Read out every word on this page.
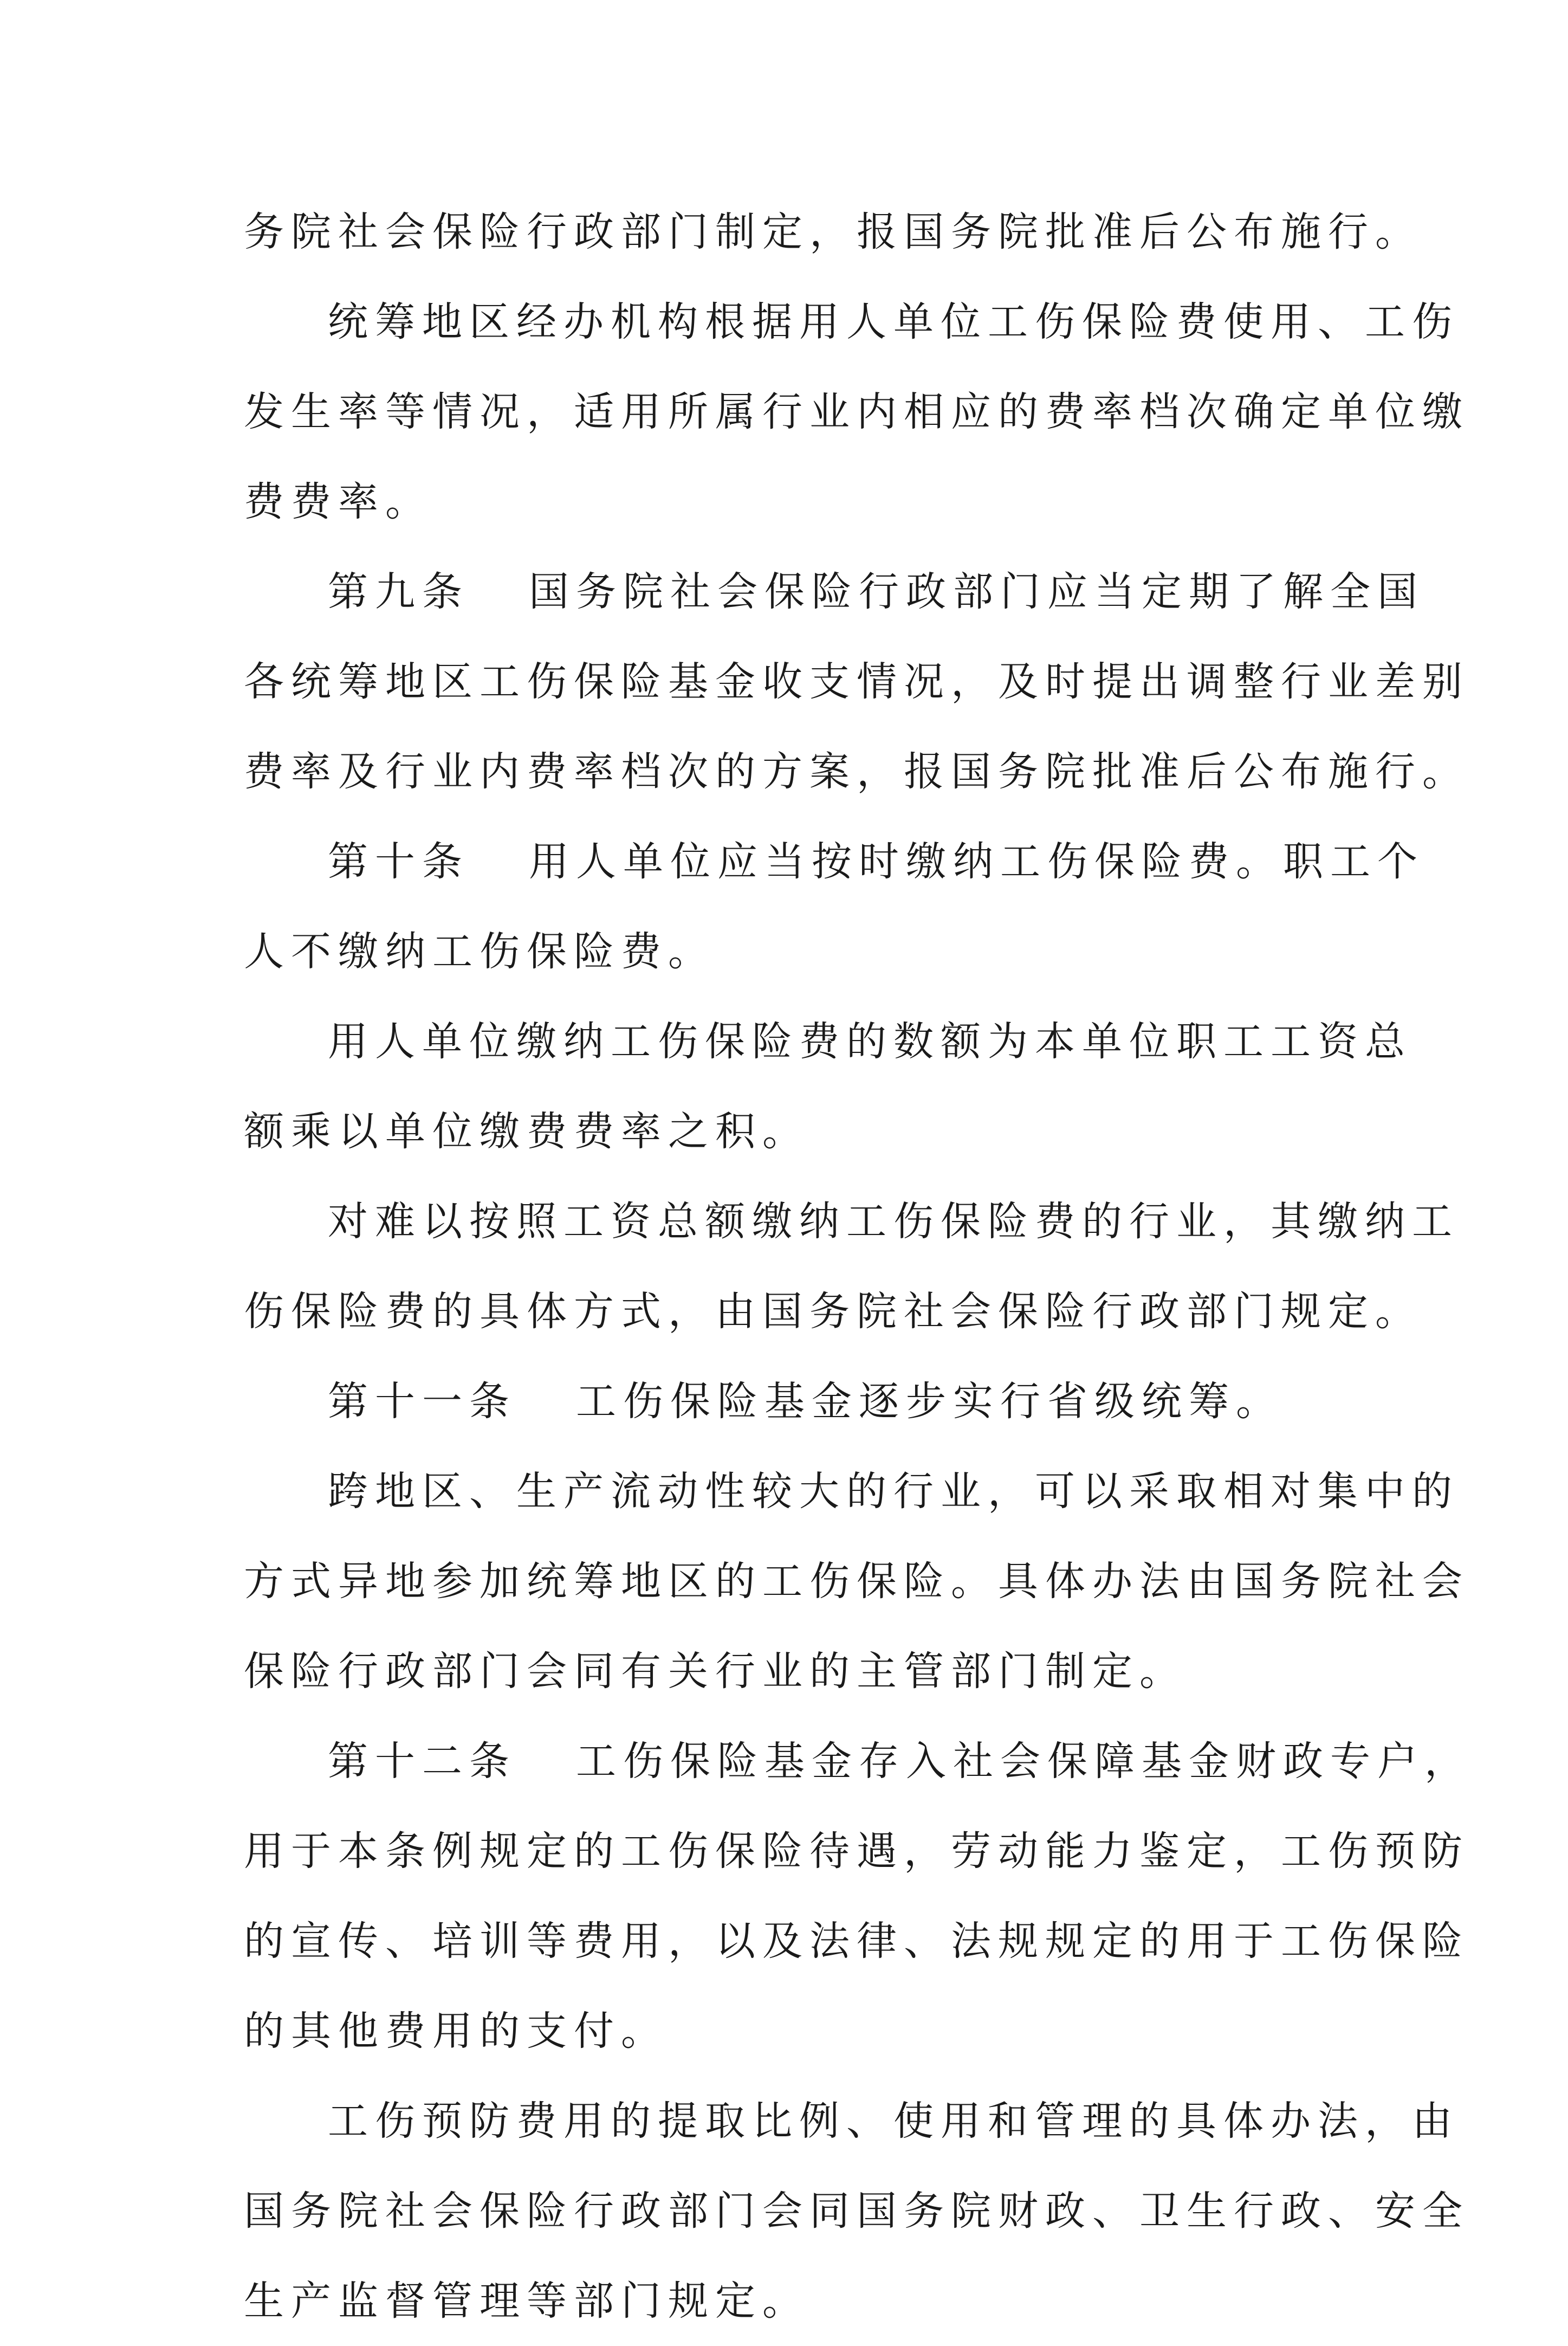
务院社会保险行政部门制定，报国务院批准后公布施行。
统筹地区经办机构根据用人单位工伤保险费使用、工伤
发生率等情况，适用所属行业内相应的费率档次确定单位缴
费费率。
第九条 国务院社会保险行政部门应当定期了解全国
各统筹地区工伤保险基金收支情况，及时提出调整行业差别
费率及行业内费率档次的方案，报国务院批准后公布施行。
第十条 用人单位应当按时缴纳工伤保险费。职工个
人不缴纳工伤保险费。
用人单位缴纳工伤保险费的数额为本单位职工工资总
额乘以单位缴费费率之积。
对难以按照工资总额缴纳工伤保险费的行业，其缴纳工
伤保险费的具体方式，由国务院社会保险行政部门规定。
第十一条 工伤保险基金逐步实行省级统筹。
跨地区、生产流动性较大的行业，可以采取相对集中的
方式异地参加统筹地区的工伤保险。具体办法由国务院社会
保险行政部门会同有关行业的主管部门制定。
第十二条 工伤保险基金存入社会保障基金财政专户，
用于本条例规定的工伤保险待遇，劳动能力鉴定，工伤预防
的宣传、培训等费用，以及法律、法规规定的用于工伤保险
的其他费用的支付。
工伤预防费用的提取比例、使用和管理的具体办法，由
国务院社会保险行政部门会同国务院财政、卫生行政、安全
生产监督管理等部门规定。
